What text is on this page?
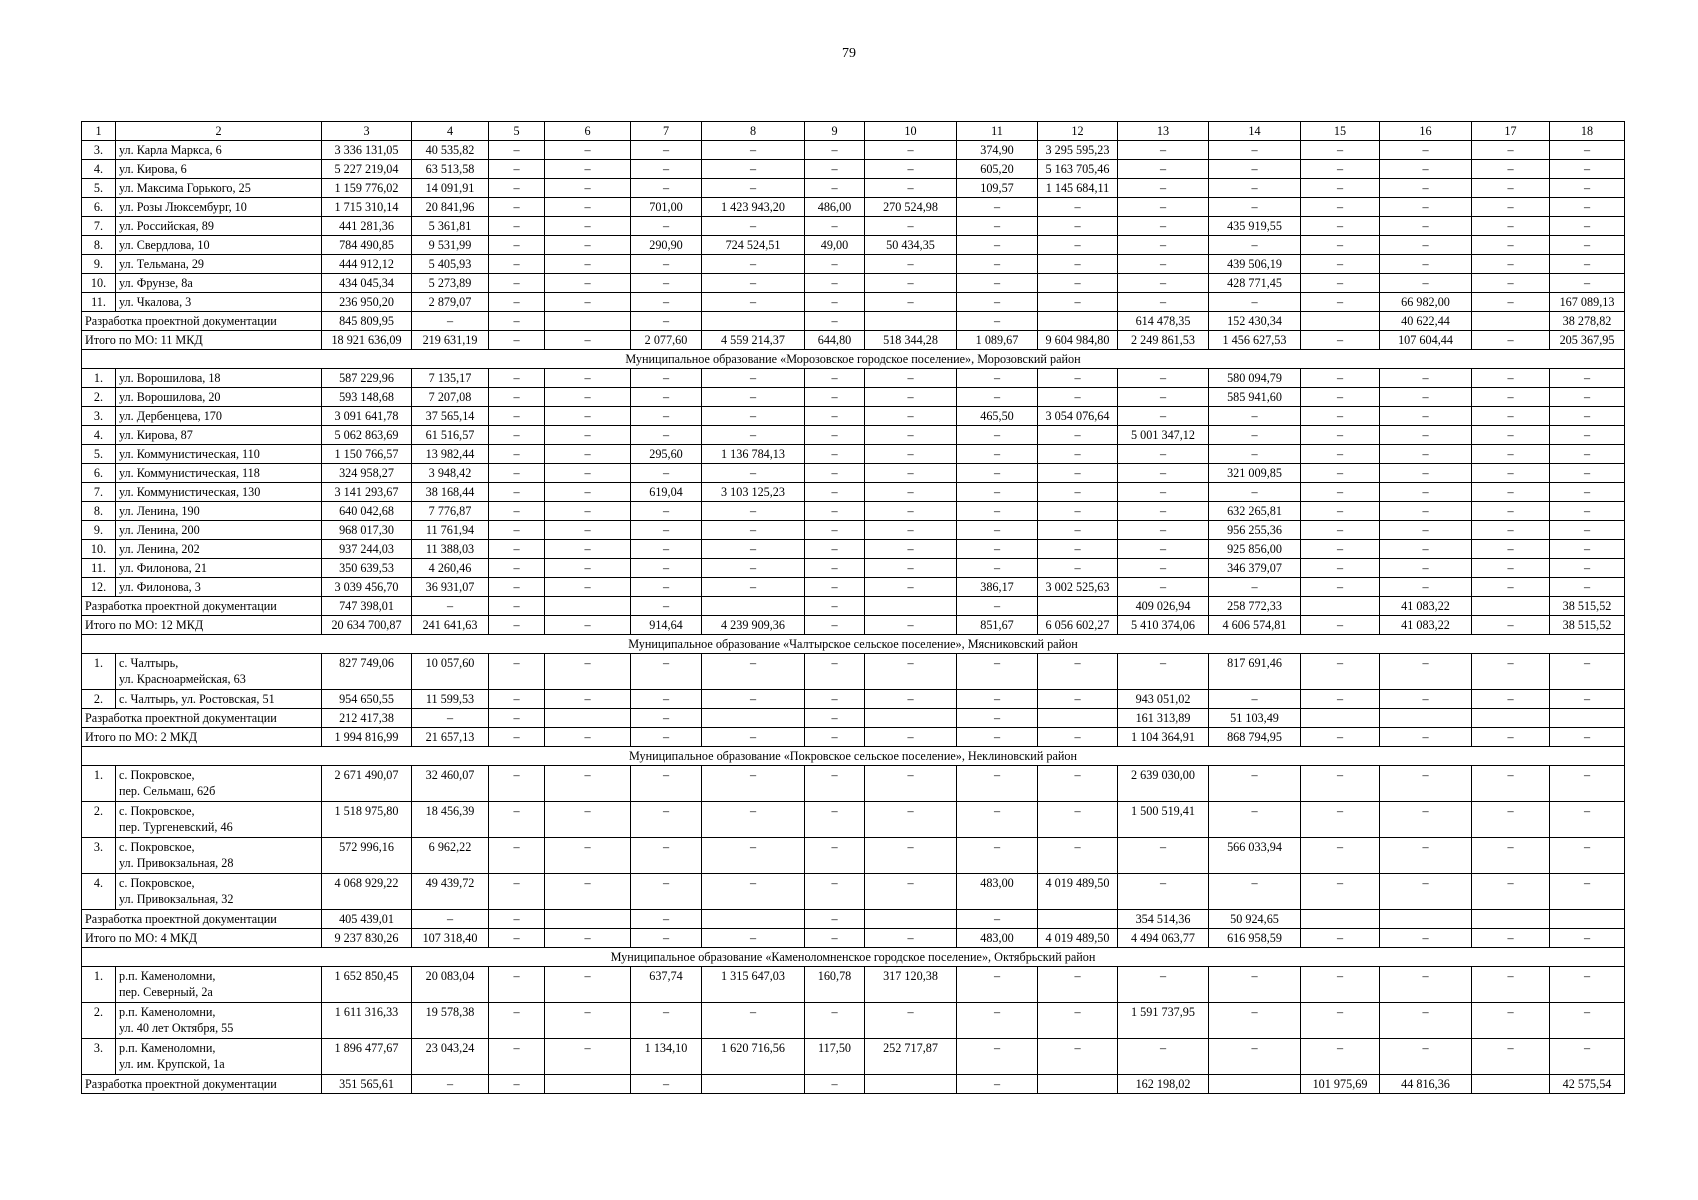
79
1	2	3	4	5	6	7	8	9	10	11	12	13	14	15	16	17	18
3.	ул. Карла Маркса, 6	3 336 131,05	40 535,82	–	–	–	–	–	–	374,90	3 295 595,23	–	–	–	–	–	–
4.	ул. Кирова, 6	5 227 219,04	63 513,58	–	–	–	–	–	–	605,20	5 163 705,46	–	–	–	–	–	–
5.	ул. Максима Горького, 25	1 159 776,02	14 091,91	–	–	–	–	–	–	109,57	1 145 684,11	–	–	–	–	–	–
6.	ул. Розы Люксембург, 10	1 715 310,14	20 841,96	–	–	701,00	1 423 943,20	486,00	270 524,98	–	–	–	–	–	–	–	–
7.	ул. Российская, 89	441 281,36	5 361,81	–	–	–	–	–	–	–	–	–	435 919,55	–	–	–	–
8.	ул. Свердлова, 10	784 490,85	9 531,99	–	–	290,90	724 524,51	49,00	50 434,35	–	–	–	–	–	–	–	–
9.	ул. Тельмана, 29	444 912,12	5 405,93	–	–	–	–	–	–	–	–	–	439 506,19	–	–	–	–
10.	ул. Фрунзе, 8а	434 045,34	5 273,89	–	–	–	–	–	–	–	–	–	428 771,45	–	–	–	–
11.	ул. Чкалова, 3	236 950,20	2 879,07	–	–	–	–	–	–	–	–	–	–	–	66 982,00	–	167 089,13
Разработка проектной документации		845 809,95	–	–		–		–		–		614 478,35	152 430,34		40 622,44		38 278,82
Итого по МО: 11 МКД		18 921 636,09	219 631,19	–	–	2 077,60	4 559 214,37	644,80	518 344,28	1 089,67	9 604 984,80	2 249 861,53	1 456 627,53	–	107 604,44	–	205 367,95
Муниципальное образование «Морозовское городское поселение», Морозовский район																	
1.	ул. Ворошилова, 18	587 229,96	7 135,17	–	–	–	–	–	–	–	–	–	580 094,79	–	–	–	–
2.	ул. Ворошилова, 20	593 148,68	7 207,08	–	–	–	–	–	–	–	–	–	585 941,60	–	–	–	–
3.	ул. Дербенцева, 170	3 091 641,78	37 565,14	–	–	–	–	–	–	465,50	3 054 076,64	–	–	–	–	–	–
4.	ул. Кирова, 87	5 062 863,69	61 516,57	–	–	–	–	–	–	–	–	5 001 347,12	–	–	–	–	–
5.	ул. Коммунистическая, 110	1 150 766,57	13 982,44	–	–	295,60	1 136 784,13	–	–	–	–	–	–	–	–	–	–
6.	ул. Коммунистическая, 118	324 958,27	3 948,42	–	–	–	–	–	–	–	–	–	321 009,85	–	–	–	–
7.	ул. Коммунистическая, 130	3 141 293,67	38 168,44	–	–	619,04	3 103 125,23	–	–	–	–	–	–	–	–	–	–
8.	ул. Ленина, 190	640 042,68	7 776,87	–	–	–	–	–	–	–	–	–	632 265,81	–	–	–	–
9.	ул. Ленина, 200	968 017,30	11 761,94	–	–	–	–	–	–	–	–	–	956 255,36	–	–	–	–
10.	ул. Ленина, 202	937 244,03	11 388,03	–	–	–	–	–	–	–	–	–	925 856,00	–	–	–	–
11.	ул. Филонова, 21	350 639,53	4 260,46	–	–	–	–	–	–	–	–	–	346 379,07	–	–	–	–
12.	ул. Филонова, 3	3 039 456,70	36 931,07	–	–	–	–	–	–	386,17	3 002 525,63	–	–	–	–	–	–
Разработка проектной документации		747 398,01	–	–		–		–		–		409 026,94	258 772,33		41 083,22		38 515,52
Итого по МО: 12 МКД		20 634 700,87	241 641,63	–	–	914,64	4 239 909,36	–	–	851,67	6 056 602,27	5 410 374,06	4 606 574,81	–	41 083,22	–	38 515,52
Муниципальное образование «Чалтырское сельское поселение», Мясниковский район																	
1.	с. Чалтырь,
ул. Красноармейская, 63	827 749,06	10 057,60	–	–	–	–	–	–	–	–	–	817 691,46	–	–	–	–
2.	с. Чалтырь, ул. Ростовская, 51	954 650,55	11 599,53	–	–	–	–	–	–	–	–	943 051,02	–	–	–	–	–
Разработка проектной документации		212 417,38	–	–		–		–		–		161 313,89	51 103,49				
Итого по МО: 2 МКД		1 994 816,99	21 657,13	–	–	–	–	–	–	–	–	1 104 364,91	868 794,95	–	–	–	–
Муниципальное образование «Покровское сельское поселение», Неклиновский район																	
1.	с. Покровское,
пер. Сельмаш, 62б	2 671 490,07	32 460,07	–	–	–	–	–	–	–	–	2 639 030,00	–	–	–	–	–
2.	с. Покровское,
пер. Тургеневский, 46	1 518 975,80	18 456,39	–	–	–	–	–	–	–	–	1 500 519,41	–	–	–	–	–
3.	с. Покровское,
ул. Привокзальная, 28	572 996,16	6 962,22	–	–	–	–	–	–	–	–	–	566 033,94	–	–	–	–
4.	с. Покровское,
ул. Привокзальная, 32	4 068 929,22	49 439,72	–	–	–	–	–	–	483,00	4 019 489,50	–	–	–	–	–	–
Разработка проектной документации		405 439,01	–	–		–		–		–		354 514,36	50 924,65				
Итого по МО: 4 МКД		9 237 830,26	107 318,40	–	–	–	–	–	–	483,00	4 019 489,50	4 494 063,77	616 958,59	–	–	–	–
Муниципальное образование «Каменоломненское городское поселение», Октябрьский район																	
1.	р.п. Каменоломни,
пер. Северный, 2а	1 652 850,45	20 083,04	–	–	637,74	1 315 647,03	160,78	317 120,38	–	–	–	–	–	–	–	–
2.	р.п. Каменоломни,
ул. 40 лет Октября, 55	1 611 316,33	19 578,38	–	–	–	–	–	–	–	–	1 591 737,95	–	–	–	–	–
3.	р.п. Каменоломни,
ул. им. Крупской, 1а	1 896 477,67	23 043,24	–	–	1 134,10	1 620 716,56	117,50	252 717,87	–	–	–	–	–	–	–	–
Разработка проектной документации		351 565,61	–	–		–		–		–		162 198,02		101 975,69	44 816,36		42 575,54
